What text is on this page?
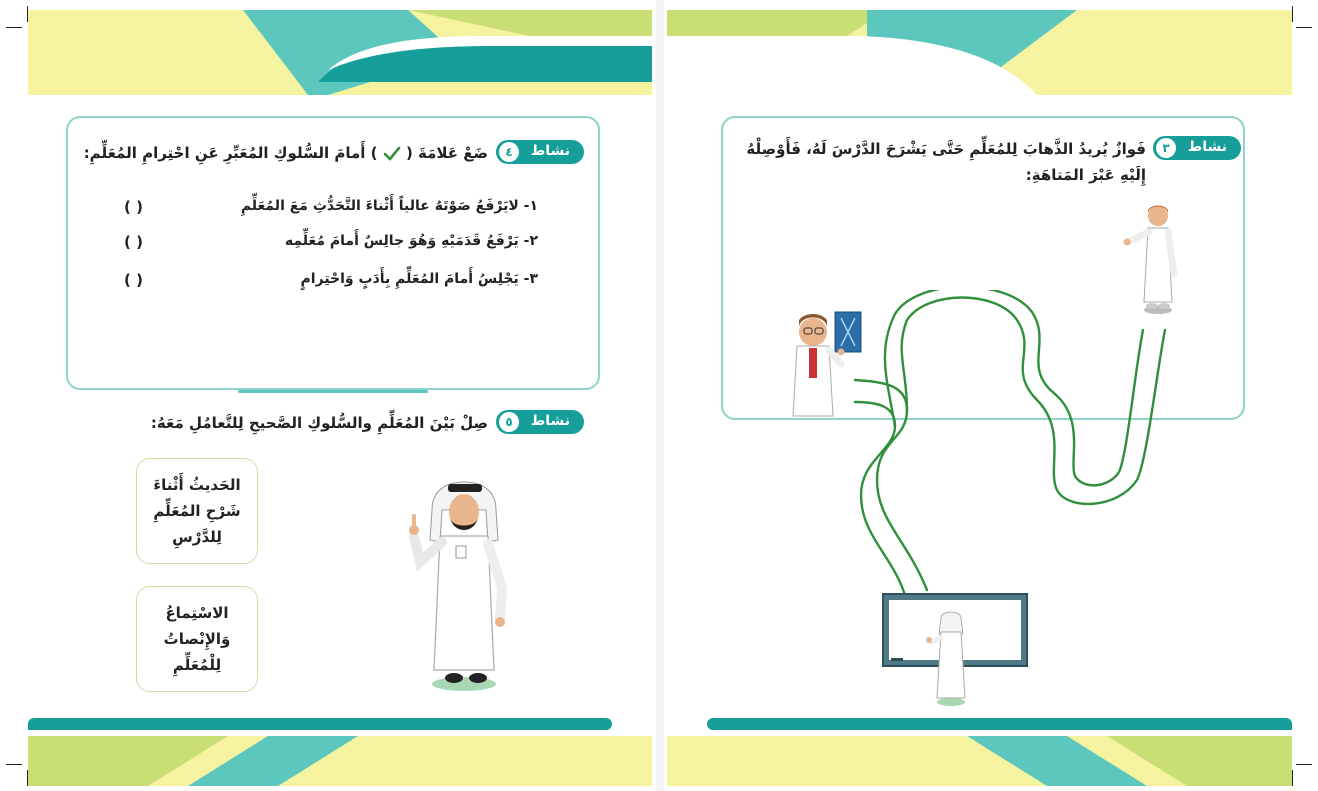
٤	نشاط
ضَعْ عَلامَةَ (  ) أَمامَ السُّلوكِ المُعَبِّرِ عَنِ احْتِرامِ المُعَلِّمِ:
١- لايَرْفَعُ صَوْتَهُ عالياً أَثْناءَ التَّحَدُّثِ مَعَ المُعَلِّمِ
( )
٢- يَرْفَعُ قَدَمَيْهِ وَهُوَ جالِسٌ أَمامَ مُعَلِّمِه
( )
٣- يَجْلِسُ أَمامَ المُعَلِّمِ بِأَدَبٍ وَاحْتِرامٍ
( )
٥	نشاط
صِلْ بَيْنَ المُعَلِّمِ والسُّلوكِ الصَّحيحِ لِلتَّعامُلِ مَعَهُ:
الحَديثُ أَثْناءَ
شَرْحِ المُعَلِّمِ
لِلدَّرْسِ
الاسْتِماعُ
وَالإِنْصاتُ
لِلْمُعَلِّمِ
٣	نشاط
فَوازٌ يُريدُ الذَّهابَ لِلمُعَلِّمِ حَتَّى يَشْرَحَ الدَّرْسَ لَهُ، فَأَوْصِلْهُ إِلَيْهِ عَبْرَ المَتاهَةِ:
